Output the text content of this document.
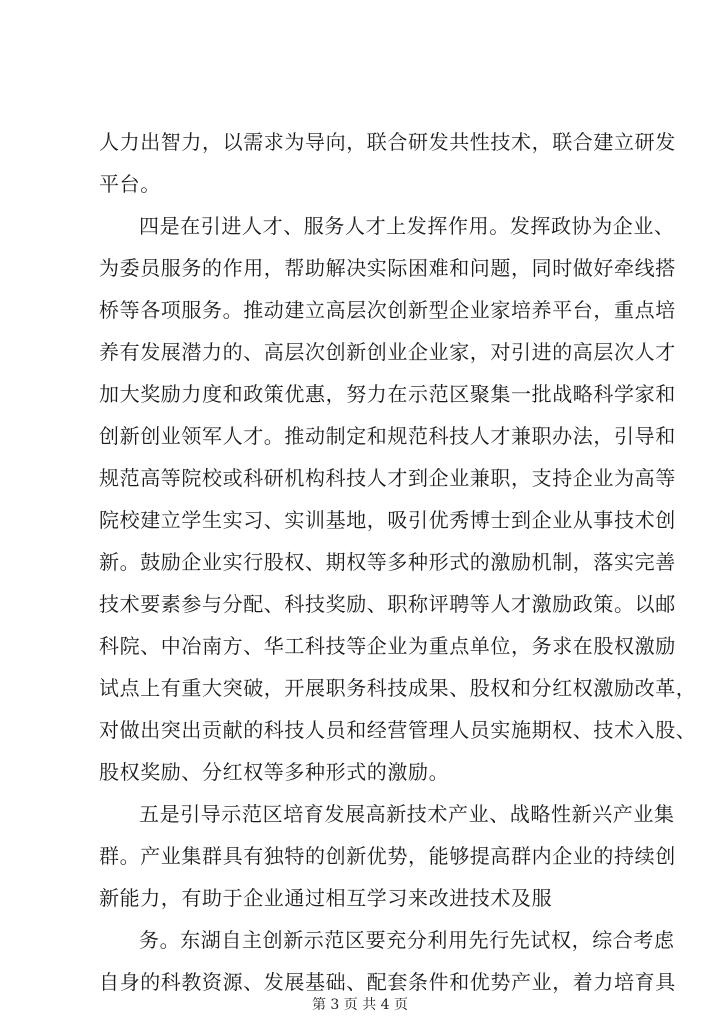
人力出智力，以需求为导向，联合研发共性技术，联合建立研发
平台。
四是在引进人才、服务人才上发挥作用。发挥政协为企业、
为委员服务的作用，帮助解决实际困难和问题，同时做好牵线搭
桥等各项服务。推动建立高层次创新型企业家培养平台，重点培
养有发展潜力的、高层次创新创业企业家，对引进的高层次人才
加大奖励力度和政策优惠，努力在示范区聚集一批战略科学家和
创新创业领军人才。推动制定和规范科技人才兼职办法，引导和
规范高等院校或科研机构科技人才到企业兼职，支持企业为高等
院校建立学生实习、实训基地，吸引优秀博士到企业从事技术创
新。鼓励企业实行股权、期权等多种形式的激励机制，落实完善
技术要素参与分配、科技奖励、职称评聘等人才激励政策。以邮
科院、中冶南方、华工科技等企业为重点单位，务求在股权激励
试点上有重大突破，开展职务科技成果、股权和分红权激励改革，
对做出突出贡献的科技人员和经营管理人员实施期权、技术入股、
股权奖励、分红权等多种形式的激励。
五是引导示范区培育发展高新技术产业、战略性新兴产业集
群。产业集群具有独特的创新优势，能够提高群内企业的持续创
新能力，有助于企业通过相互学习来改进技术及服
务。东湖自主创新示范区要充分利用先行先试权，综合考虑
自身的科教资源、发展基础、配套条件和优势产业，着力培育具
第 3 页 共 4 页
